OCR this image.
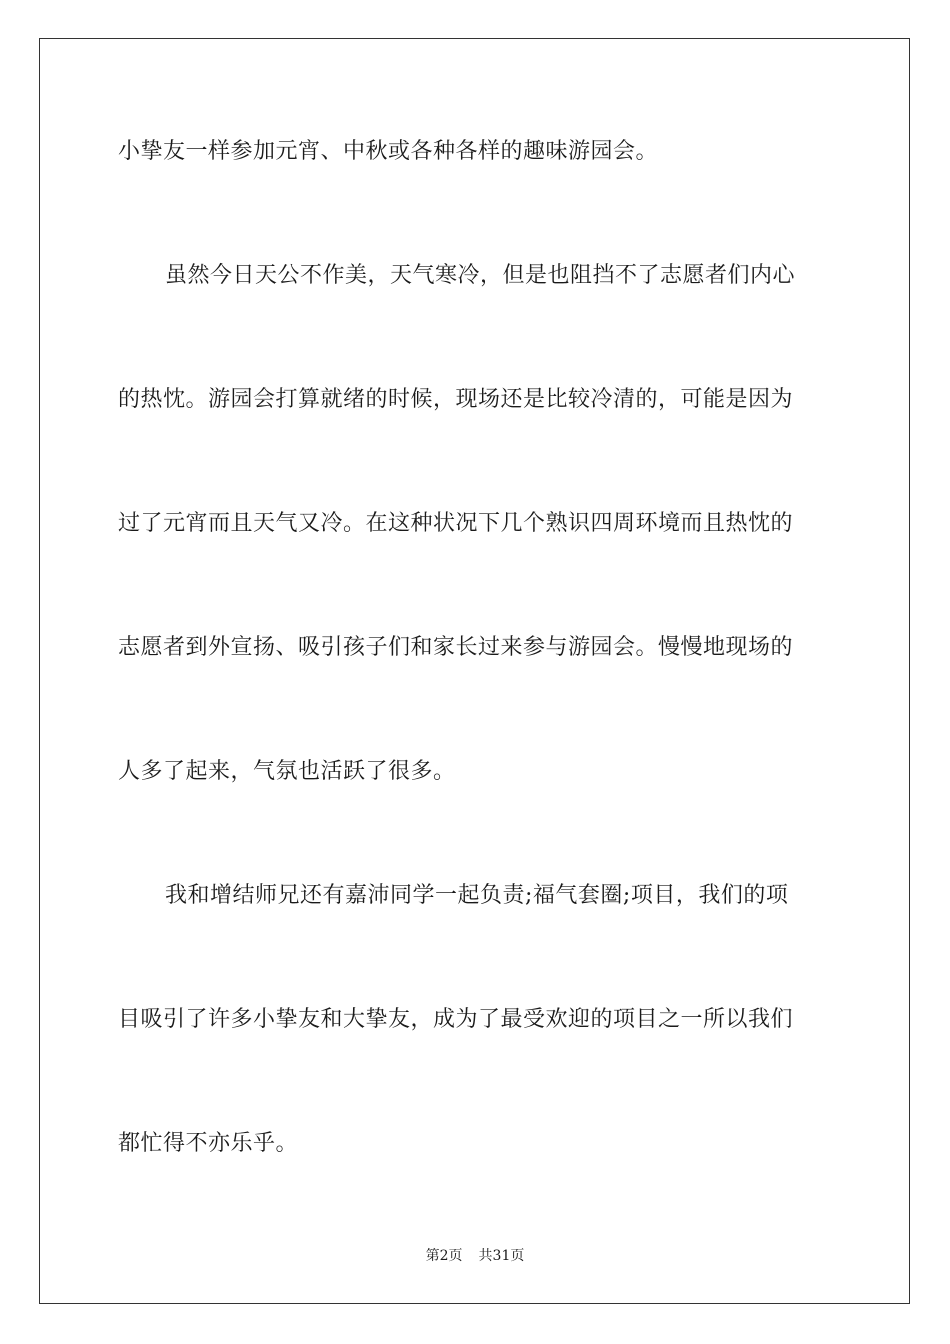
小挚友一样参加元宵、中秋或各种各样的趣味游园会。
虽然今日天公不作美，天气寒冷，但是也阻挡不了志愿者们内心
的热忱。游园会打算就绪的时候，现场还是比较冷清的，可能是因为
过了元宵而且天气又冷。在这种状况下几个熟识四周环境而且热忱的
志愿者到外宣扬、吸引孩子们和家长过来参与游园会。慢慢地现场的
人多了起来，气氛也活跃了很多。
我和增结师兄还有嘉沛同学一起负责;福气套圈;项目，我们的项
目吸引了许多小挚友和大挚友，成为了最受欢迎的项目之一所以我们
都忙得不亦乐乎。
第2页 共31页
